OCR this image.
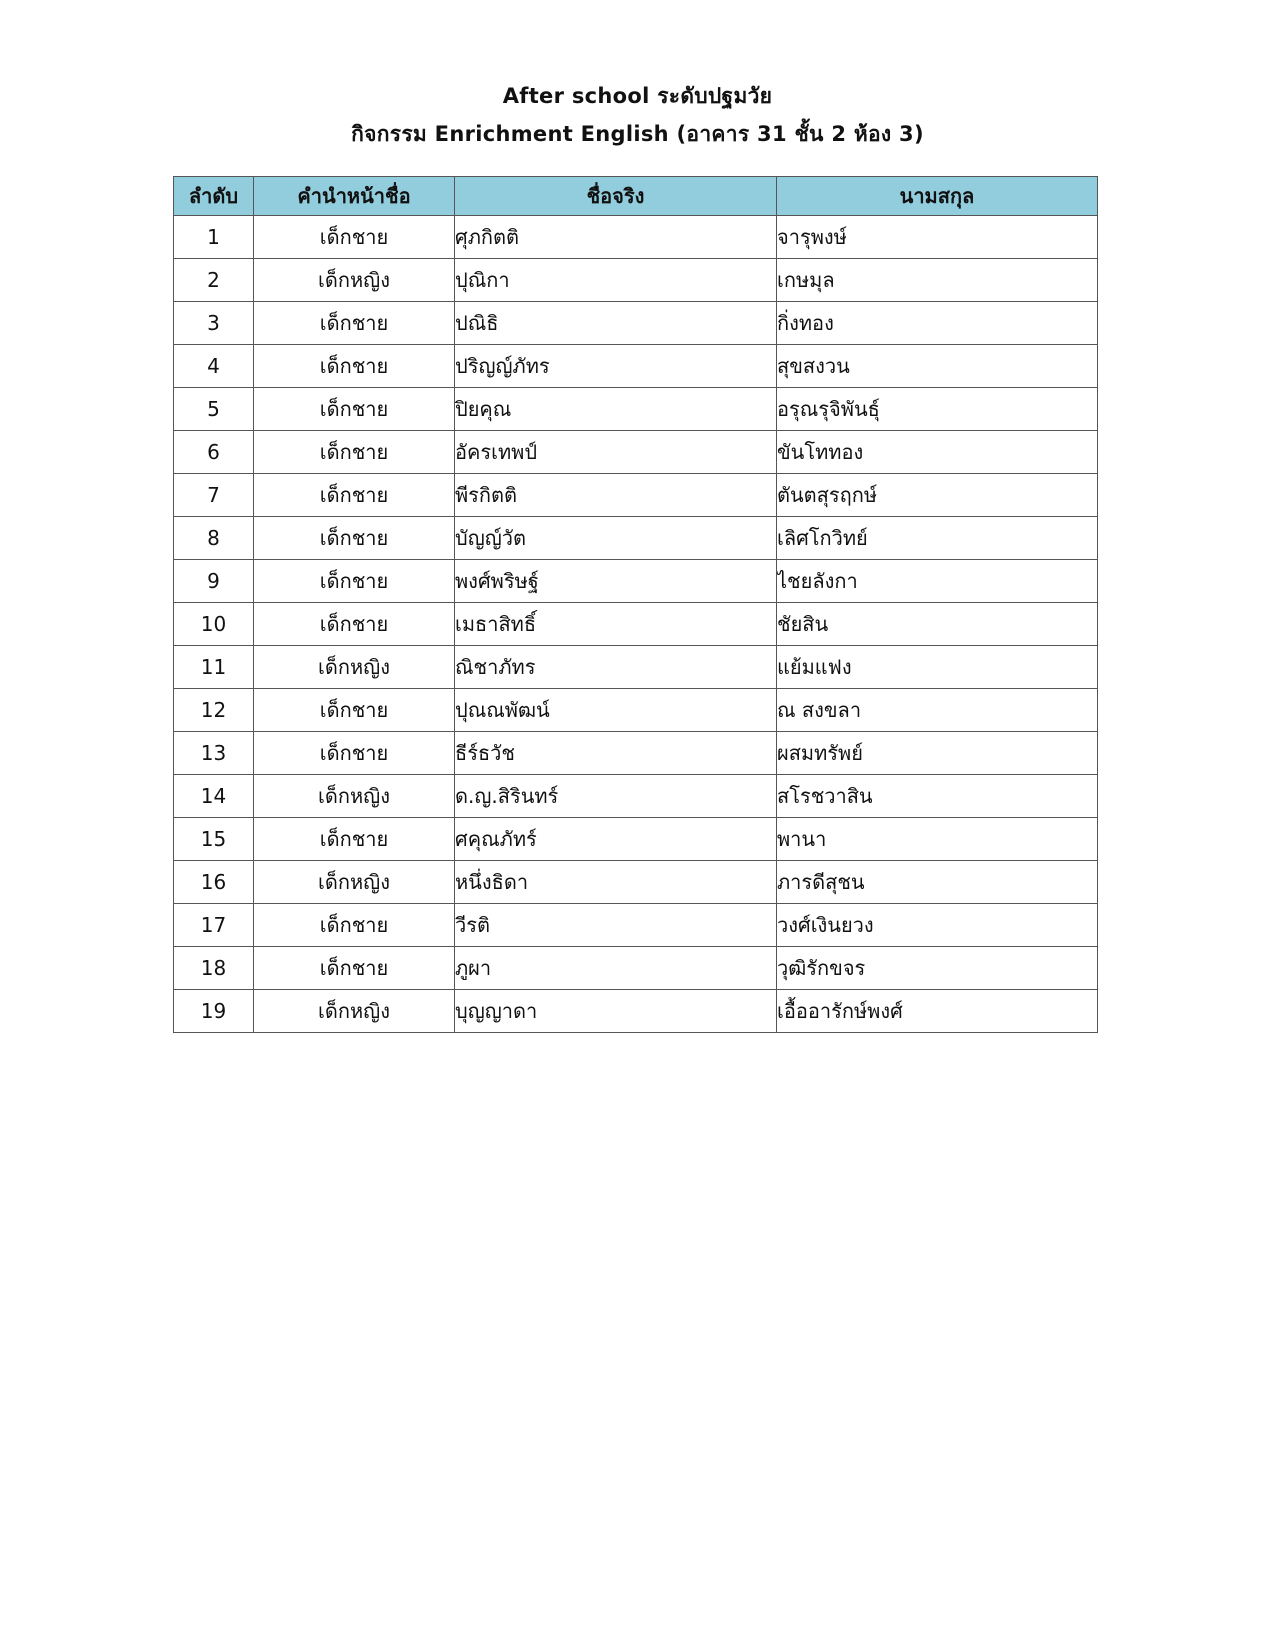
After school ระดับปฐมวัย
กิจกรรม Enrichment English (อาคาร 31 ชั้น 2 ห้อง 3)
ลำดับ	คำนำหน้าชื่อ	ชื่อจริง	นามสกุล
1	เด็กชาย	ศุภกิตติ	จารุพงษ์
2	เด็กหญิง	ปุณิกา	เกษมุล
3	เด็กชาย	ปณิธิ	กิ่งทอง
4	เด็กชาย	ปริญญ์ภัทร	สุขสงวน
5	เด็กชาย	ปิยคุณ	อรุณรุจิพันธุ์
6	เด็กชาย	อัครเทพป์	ขันโททอง
7	เด็กชาย	พีรกิตติ	ตันตสุรฤกษ์
8	เด็กชาย	บัญญ์วัต	เลิศโกวิทย์
9	เด็กชาย	พงศ์พริษฐ์	ไชยลังกา
10	เด็กชาย	เมธาสิทธิ์	ชัยสิน
11	เด็กหญิง	ณิชาภัทร	แย้มแฟง
12	เด็กชาย	ปุณณพัฒน์	ณ สงขลา
13	เด็กชาย	ธีร์ธวัช	ผสมทรัพย์
14	เด็กหญิง	ด.ญ.สิรินทร์	สโรชวาสิน
15	เด็กชาย	ศคุณภัทร์	พานา
16	เด็กหญิง	หนึ่งธิดา	ภารดีสุชน
17	เด็กชาย	วีรติ	วงศ์เงินยวง
18	เด็กชาย	ภูผา	วุฒิรักขจร
19	เด็กหญิง	บุญญาดา	เอื้ออารักษ์พงศ์
